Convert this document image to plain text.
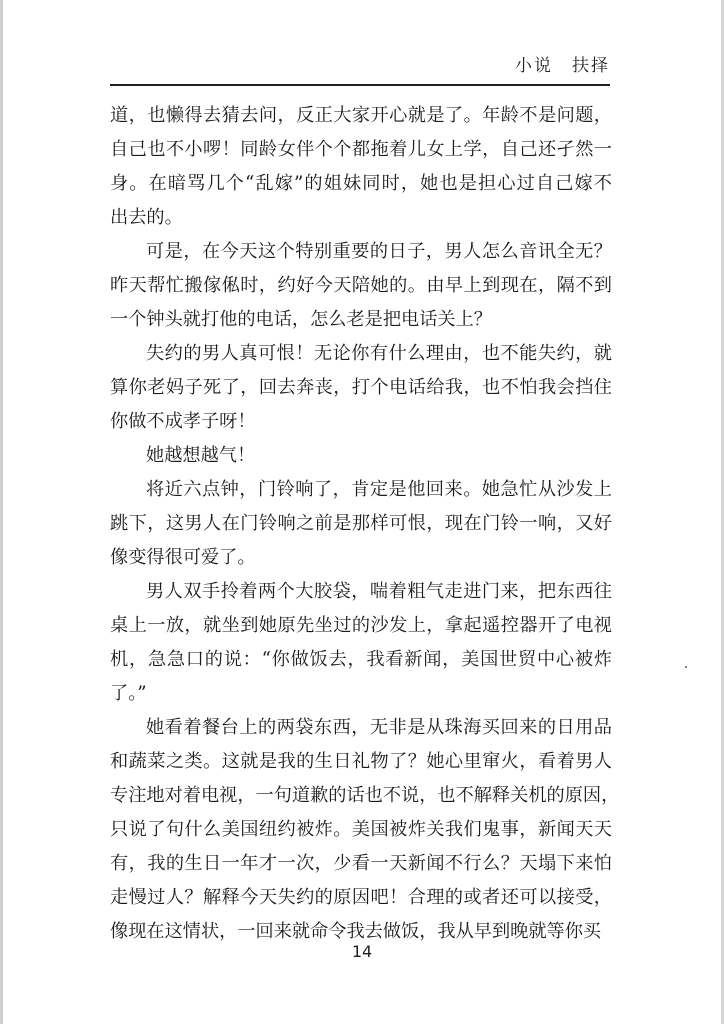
小说　扶择
道，也懒得去猜去问，反正大家开心就是了。年龄不是问题，
自己也不小啰！同龄女伴个个都拖着儿女上学，自己还孑然一
身。在暗骂几个“乱嫁”的姐妹同时，她也是担心过自己嫁不
出去的。
可是，在今天这个特别重要的日子，男人怎么音讯全无？
昨天帮忙搬傢俬时，约好今天陪她的。由早上到现在，隔不到
一个钟头就打他的电话，怎么老是把电话关上？
失约的男人真可恨！无论你有什么理由，也不能失约，就
算你老妈子死了，回去奔丧，打个电话给我，也不怕我会挡住
你做不成孝子呀！
她越想越气！
将近六点钟，门铃响了，肯定是他回来。她急忙从沙发上
跳下，这男人在门铃响之前是那样可恨，现在门铃一响，又好
像变得很可爱了。
男人双手拎着两个大胶袋，喘着粗气走进门来，把东西往
桌上一放，就坐到她原先坐过的沙发上，拿起遥控器开了电视
机，急急口的说：“你做饭去，我看新闻，美国世贸中心被炸
了。”
她看着餐台上的两袋东西，无非是从珠海买回来的日用品
和蔬菜之类。这就是我的生日礼物了？她心里窜火，看着男人
专注地对着电视，一句道歉的话也不说，也不解释关机的原因，
只说了句什么美国纽约被炸。美国被炸关我们鬼事，新闻天天
有，我的生日一年才一次，少看一天新闻不行么？天塌下来怕
走慢过人？解释今天失约的原因吧！合理的或者还可以接受，
像现在这情状，一回来就命令我去做饭，我从早到晚就等你买
14
